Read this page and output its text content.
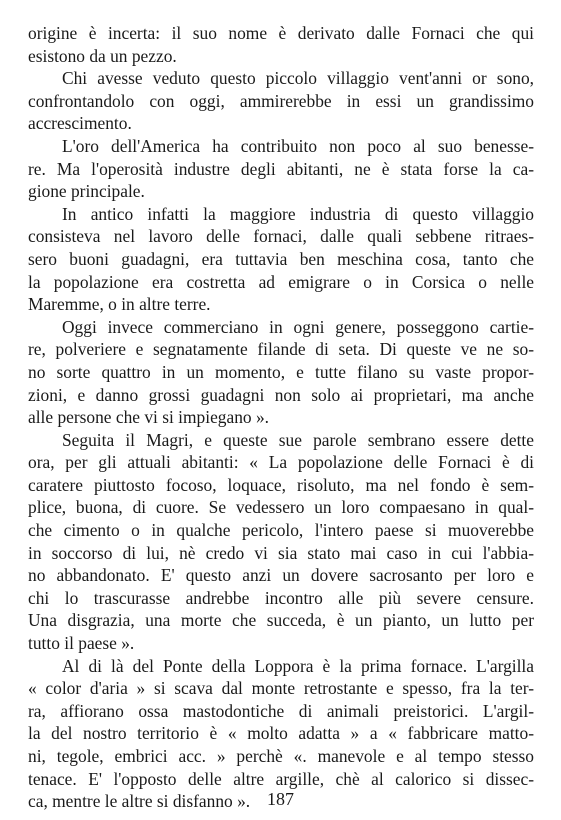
origine è incerta: il suo nome è derivato dalle Fornaci che qui
esistono da un pezzo.
Chi avesse veduto questo piccolo villaggio vent'anni or sono,
confrontandolo con oggi, ammirerebbe in essi un grandissimo
accrescimento.
L'oro dell'America ha contribuito non poco al suo benesse-
re. Ma l'operosità industre degli abitanti, ne è stata forse la ca-
gione principale.
In antico infatti la maggiore industria di questo villaggio
consisteva nel lavoro delle fornaci, dalle quali sebbene ritraes-
sero buoni guadagni, era tuttavia ben meschina cosa, tanto che
la popolazione era costretta ad emigrare o in Corsica o nelle
Maremme, o in altre terre.
Oggi invece commerciano in ogni genere, posseggono cartie-
re, polveriere e segnatamente filande di seta. Di queste ve ne so-
no sorte quattro in un momento, e tutte filano su vaste propor-
zioni, e danno grossi guadagni non solo ai proprietari, ma anche
alle persone che vi si impiegano ».
Seguita il Magri, e queste sue parole sembrano essere dette
ora, per gli attuali abitanti: « La popolazione delle Fornaci è di
caratere piuttosto focoso, loquace, risoluto, ma nel fondo è sem-
plice, buona, di cuore. Se vedessero un loro compaesano in qual-
che cimento o in qualche pericolo, l'intero paese si muoverebbe
in soccorso di lui, nè credo vi sia stato mai caso in cui l'abbia-
no abbandonato. E' questo anzi un dovere sacrosanto per loro e
chi lo trascurasse andrebbe incontro alle più severe censure.
Una disgrazia, una morte che succeda, è un pianto, un lutto per
tutto il paese ».
Al di là del Ponte della Loppora è la prima fornace. L'argilla
« color d'aria » si scava dal monte retrostante e spesso, fra la ter-
ra, affiorano ossa mastodontiche di animali preistorici. L'argil-
la del nostro territorio è « molto adatta » a « fabbricare matto-
ni, tegole, embrici acc. » perchè «. manevole e al tempo stesso
tenace. E' l'opposto delle altre argille, chè al calorico si dissec-
ca, mentre le altre si disfanno ». 187
